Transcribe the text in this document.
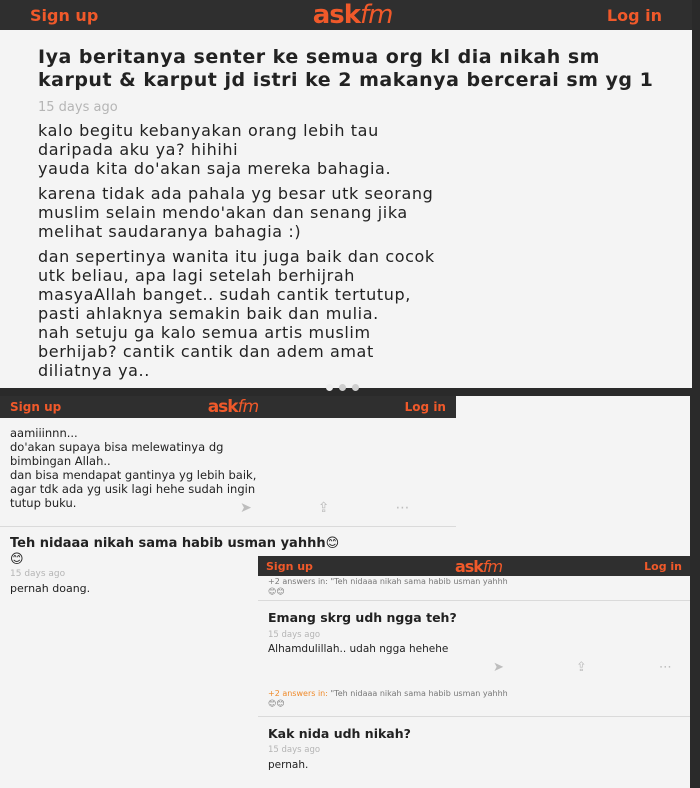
Sign up	askfm	Log in

Iya beritanya senter ke semua org kl dia nikah sm karput & karput jd istri ke 2 makanya bercerai sm yg 1

15 days ago

kalo begitu kebanyakan orang lebih tau

daripada aku ya? hihihi

yauda kita do'akan saja mereka bahagia.

karena tidak ada pahala yg besar utk seorang

muslim selain mendo'akan dan senang jika

melihat saudaranya bahagia :)

dan sepertinya wanita itu juga baik dan cocok

utk beliau, apa lagi setelah berhijrah

masyaAllah banget.. sudah cantik tertutup,

pasti ahlaknya semakin baik dan mulia.

nah setuju ga kalo semua artis muslim

berhijab? cantik cantik dan adem amat

diliatnya ya..

Sign up	askfm	Log in

aamiiinnn...

do'akan supaya bisa melewatinya dg

bimbingan Allah..

dan bisa mendapat gantinya yg lebih baik,

agar tdk ada yg usik lagi hehe sudah ingin

tutup buku.	➤	⇪	⋯

Teh nidaaa nikah sama habib usman yahhh😊😊

15 days ago

pernah doang.

Sign up	askfm	Log in
+2 answers in: "Teh nidaaa nikah sama habib usman yahhh
😊😊

Emang skrg udh ngga teh?

15 days ago

Alhamdulillah.. udah ngga hehehe

➤	⇪	⋯
+2 answers in: "Teh nidaaa nikah sama habib usman yahhh
😊😊

Kak nida udh nikah?

15 days ago

pernah.
